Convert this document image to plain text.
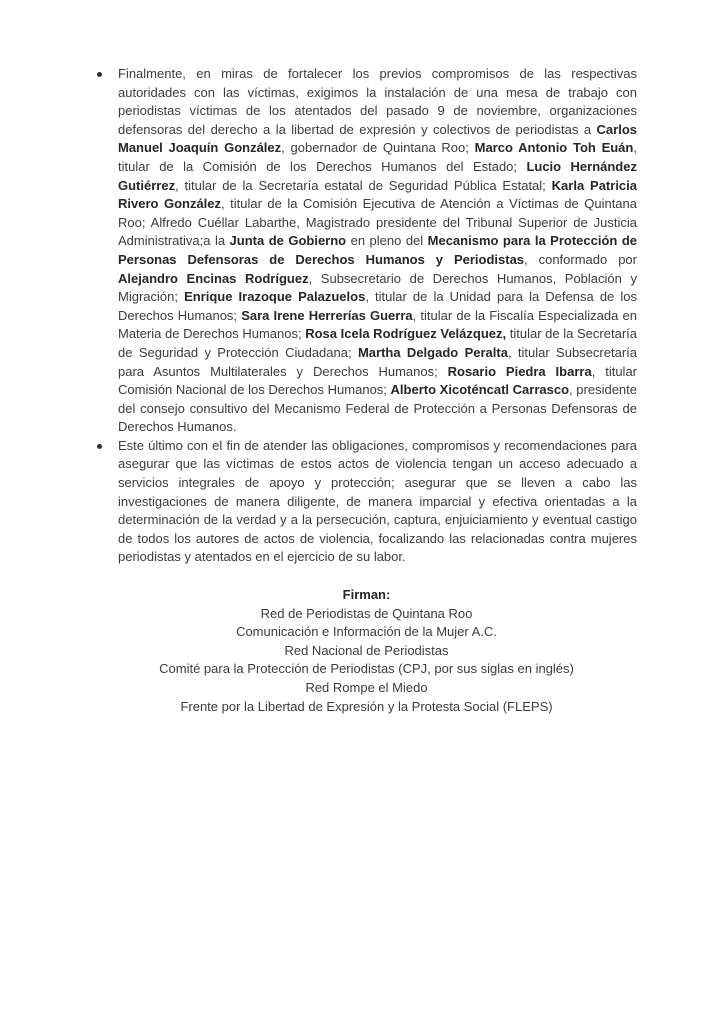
Finalmente, en miras de fortalecer los previos compromisos de las respectivas autoridades con las víctimas, exigimos la instalación de una mesa de trabajo con periodistas víctimas de los atentados del pasado 9 de noviembre, organizaciones defensoras del derecho a la libertad de expresión y colectivos de periodistas a Carlos Manuel Joaquín González, gobernador de Quintana Roo; Marco Antonio Toh Euán, titular de la Comisión de los Derechos Humanos del Estado; Lucio Hernández Gutiérrez, titular de la Secretaría estatal de Seguridad Pública Estatal; Karla Patricia Rivero González, titular de la Comisión Ejecutiva de Atención a Víctimas de Quintana Roo; Alfredo Cuéllar Labarthe, Magistrado presidente del Tribunal Superior de Justicia Administrativa;a la Junta de Gobierno en pleno del Mecanismo para la Protección de Personas Defensoras de Derechos Humanos y Periodistas, conformado por Alejandro Encinas Rodríguez, Subsecretario de Derechos Humanos, Población y Migración; Enrique Irazoque Palazuelos, titular de la Unidad para la Defensa de los Derechos Humanos; Sara Irene Herrerías Guerra, titular de la Fiscalía Especializada en Materia de Derechos Humanos; Rosa Icela Rodríguez Velázquez, titular de la Secretaría de Seguridad y Protección Ciudadana; Martha Delgado Peralta, titular Subsecretaría para Asuntos Multilaterales y Derechos Humanos; Rosario Piedra Ibarra, titular Comisión Nacional de los Derechos Humanos; Alberto Xicoténcatl Carrasco, presidente del consejo consultivo del Mecanismo Federal de Protección a Personas Defensoras de Derechos Humanos.

Este último con el fin de atender las obligaciones, compromisos y recomendaciones para asegurar que las víctimas de estos actos de violencia tengan un acceso adecuado a servicios integrales de apoyo y protección; asegurar que se lleven a cabo las investigaciones de manera diligente, de manera imparcial y efectiva orientadas a la determinación de la verdad y a la persecución, captura, enjuiciamiento y eventual castigo de todos los autores de actos de violencia, focalizando las relacionadas contra mujeres periodistas y atentados en el ejercicio de su labor.

Firman:

Red de Periodistas de Quintana Roo

Comunicación e Información de la Mujer A.C.

Red Nacional de Periodistas

Comité para la Protección de Periodistas (CPJ, por sus siglas en inglés)

Red Rompe el Miedo

Frente por la Libertad de Expresión y la Protesta Social (FLEPS)
